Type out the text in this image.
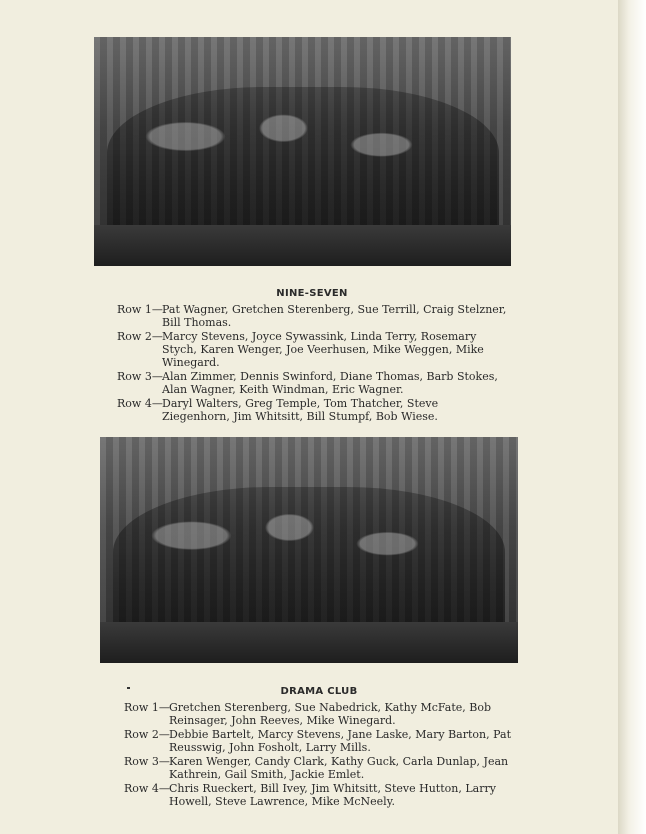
NINE-SEVEN
Row 1— Pat Wagner, Gretchen Sterenberg, Sue Terrill, Craig Stelzner, Bill Thomas.
Row 2— Marcy Stevens, Joyce Sywassink, Linda Terry, Rosemary Stych, Karen Wenger, Joe Veerhusen, Mike Weggen, Mike Winegard.
Row 3— Alan Zimmer, Dennis Swinford, Diane Thomas, Barb Stokes, Alan Wagner, Keith Windman, Eric Wagner.
Row 4— Daryl Walters, Greg Temple, Tom Thatcher, Steve Ziegenhorn, Jim Whitsitt, Bill Stumpf, Bob Wiese.
DRAMA CLUB
Row 1— Gretchen Sterenberg, Sue Nabedrick, Kathy McFate, Bob Reinsager, John Reeves, Mike Winegard.
Row 2— Debbie Bartelt, Marcy Stevens, Jane Laske, Mary Barton, Pat Reusswig, John Fosholt, Larry Mills.
Row 3— Karen Wenger, Candy Clark, Kathy Guck, Carla Dunlap, Jean Kathrein, Gail Smith, Jackie Emlet.
Row 4— Chris Rueckert, Bill Ivey, Jim Whitsitt, Steve Hutton, Larry Howell, Steve Lawrence, Mike McNeely.
